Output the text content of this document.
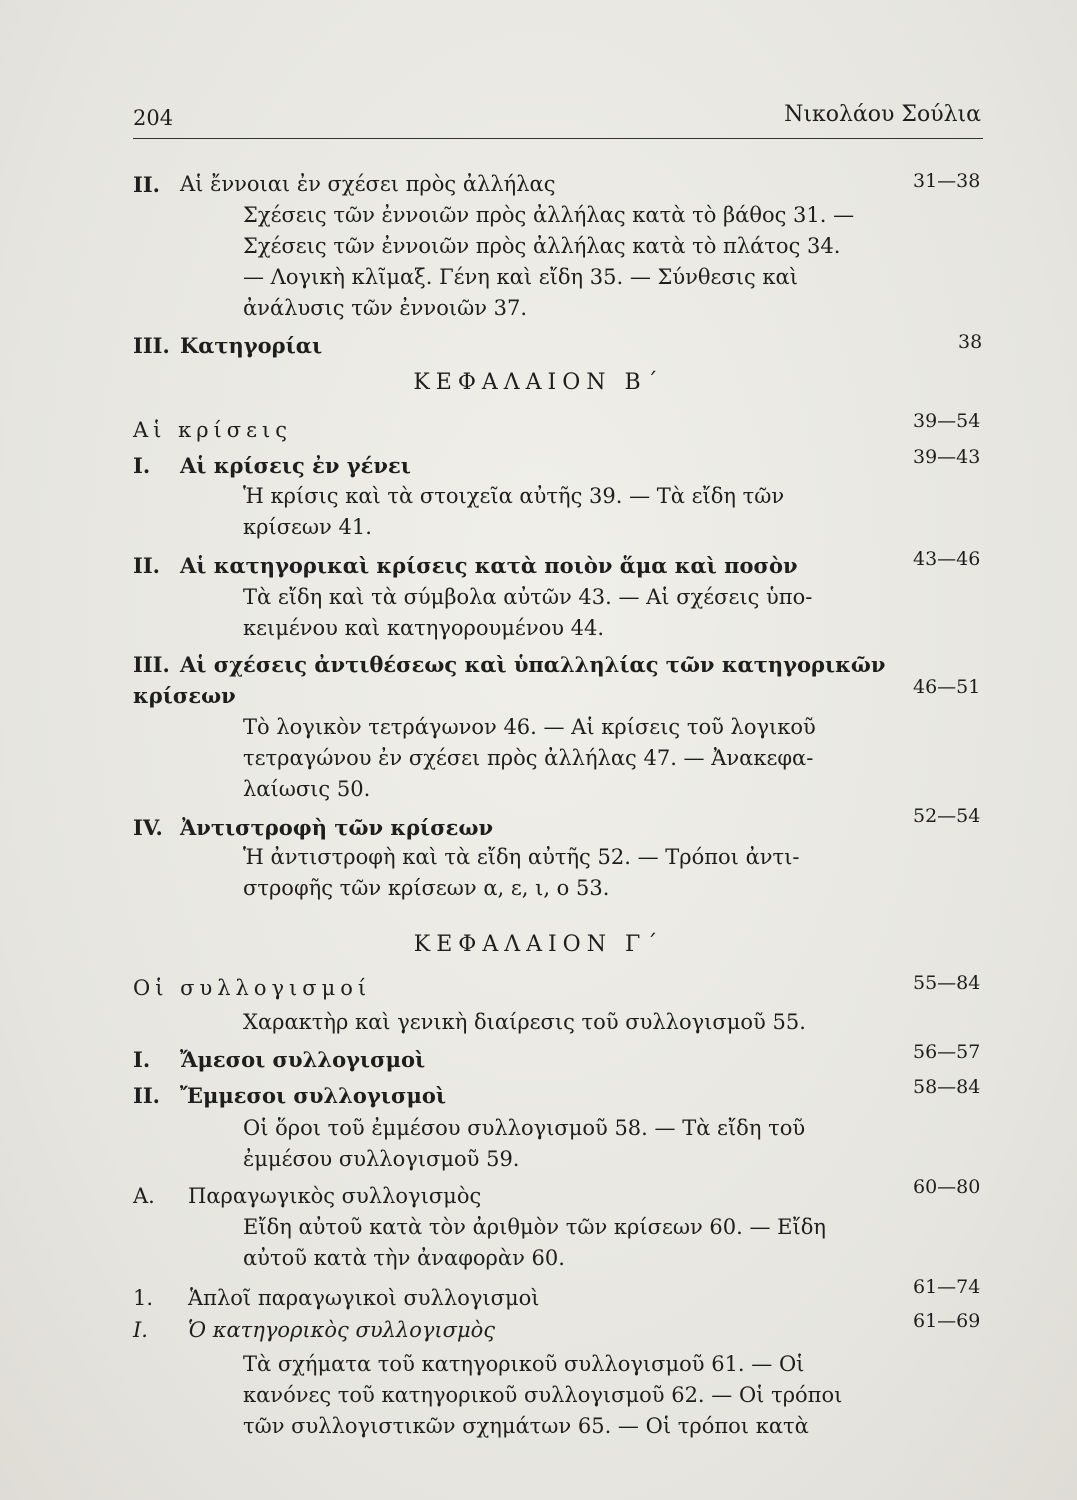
204	Νικολάου Σούλια
II. Αἱ ἔννοιαι ἐν σχέσει πρὸς ἀλλήλας	31—38
Σχέσεις τῶν ἐννοιῶν πρὸς ἀλλήλας κατὰ τὸ βάθος 31. —
Σχέσεις τῶν ἐννοιῶν πρὸς ἀλλήλας κατὰ τὸ πλάτος 34.
— Λογικὴ κλῖμαξ. Γένη καὶ εἴδη 35. — Σύνθεσις καὶ
ἀνάλυσις τῶν ἐννοιῶν 37.
III. Κατηγορίαι	38
ΚΕΦΑΛΑΙΟΝ Β΄
Αἱ κρίσεις	39—54
I. Αἱ κρίσεις ἐν γένει	39—43
Ἡ κρίσις καὶ τὰ στοιχεῖα αὐτῆς 39. — Τὰ εἴδη τῶν
κρίσεων 41.
II. Αἱ κατηγορικαὶ κρίσεις κατὰ ποιὸν ἅμα καὶ ποσὸν	43—46
Τὰ εἴδη καὶ τὰ σύμβολα αὐτῶν 43. — Αἱ σχέσεις ὑπο-
κειμένου καὶ κατηγορουμένου 44.
III. Αἱ σχέσεις ἀντιθέσεως καὶ ὑπαλληλίας τῶν κατηγορικῶν
κρίσεων	46—51
Τὸ λογικὸν τετράγωνον 46. — Αἱ κρίσεις τοῦ λογικοῦ
τετραγώνου ἐν σχέσει πρὸς ἀλλήλας 47. — Ἀνακεφα-
λαίωσις 50.
IV. Ἀντιστροφὴ τῶν κρίσεων	52—54
Ἡ ἀντιστροφὴ καὶ τὰ εἴδη αὐτῆς 52. — Τρόποι ἀντι-
στροφῆς τῶν κρίσεων α, ε, ι, ο 53.
ΚΕΦΑΛΑΙΟΝ Γ΄
Οἱ συλλογισμοί	55—84
Χαρακτὴρ καὶ γενικὴ διαίρεσις τοῦ συλλογισμοῦ 55.
I. Ἄμεσοι συλλογισμοὶ	56—57
II. Ἔμμεσοι συλλογισμοὶ	58—84
Οἱ ὅροι τοῦ ἐμμέσου συλλογισμοῦ 58. — Τὰ εἴδη τοῦ
ἐμμέσου συλλογισμοῦ 59.
Α. Παραγωγικὸς συλλογισμὸς	60—80
Εἴδη αὐτοῦ κατὰ τὸν ἀριθμὸν τῶν κρίσεων 60. — Εἴδη
αὐτοῦ κατὰ τὴν ἀναφορὰν 60.
1. Ἁπλοῖ παραγωγικοὶ συλλογισμοὶ	61—74
I. Ὁ κατηγορικὸς συλλογισμὸς	61—69
Τὰ σχήματα τοῦ κατηγορικοῦ συλλογισμοῦ 61. — Οἱ
κανόνες τοῦ κατηγορικοῦ συλλογισμοῦ 62. — Οἱ τρόποι
τῶν συλλογιστικῶν σχημάτων 65. — Οἱ τρόποι κατὰ
